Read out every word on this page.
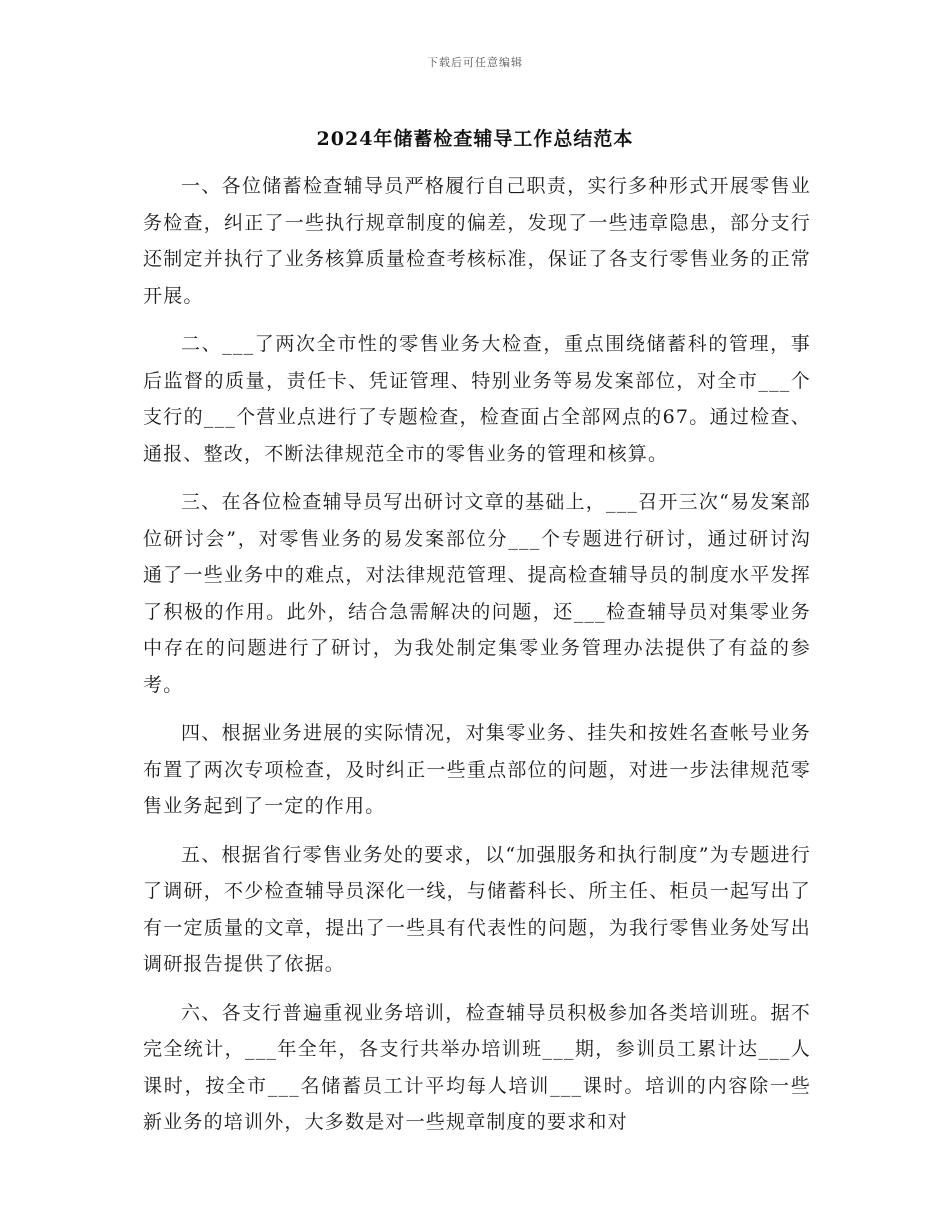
下载后可任意编辑
2024年储蓄检查辅导工作总结范本

一、各位储蓄检查辅导员严格履行自己职责，实行多种形式开展零售业务检查，纠正了一些执行规章制度的偏差，发现了一些违章隐患，部分支行还制定并执行了业务核算质量检查考核标准，保证了各支行零售业务的正常开展。

二、___了两次全市性的零售业务大检查，重点围绕储蓄科的管理，事后监督的质量，责任卡、凭证管理、特别业务等易发案部位，对全市___个支行的___个营业点进行了专题检查，检查面占全部网点的67。通过检查、通报、整改，不断法律规范全市的零售业务的管理和核算。

三、在各位检查辅导员写出研讨文章的基础上，___召开三次“易发案部位研讨会”，对零售业务的易发案部位分___个专题进行研讨，通过研讨沟通了一些业务中的难点，对法律规范管理、提高检查辅导员的制度水平发挥了积极的作用。此外，结合急需解决的问题，还___检查辅导员对集零业务中存在的问题进行了研讨，为我处制定集零业务管理办法提供了有益的参考。

四、根据业务进展的实际情况，对集零业务、挂失和按姓名查帐号业务布置了两次专项检查，及时纠正一些重点部位的问题，对进一步法律规范零售业务起到了一定的作用。

五、根据省行零售业务处的要求，以“加强服务和执行制度”为专题进行了调研，不少检查辅导员深化一线，与储蓄科长、所主任、柜员一起写出了有一定质量的文章，提出了一些具有代表性的问题，为我行零售业务处写出调研报告提供了依据。

六、各支行普遍重视业务培训，检查辅导员积极参加各类培训班。据不完全统计，___年全年，各支行共举办培训班___期，参训员工累计达___人课时，按全市___名储蓄员工计平均每人培训___课时。培训的内容除一些新业务的培训外，大多数是对一些规章制度的要求和对
